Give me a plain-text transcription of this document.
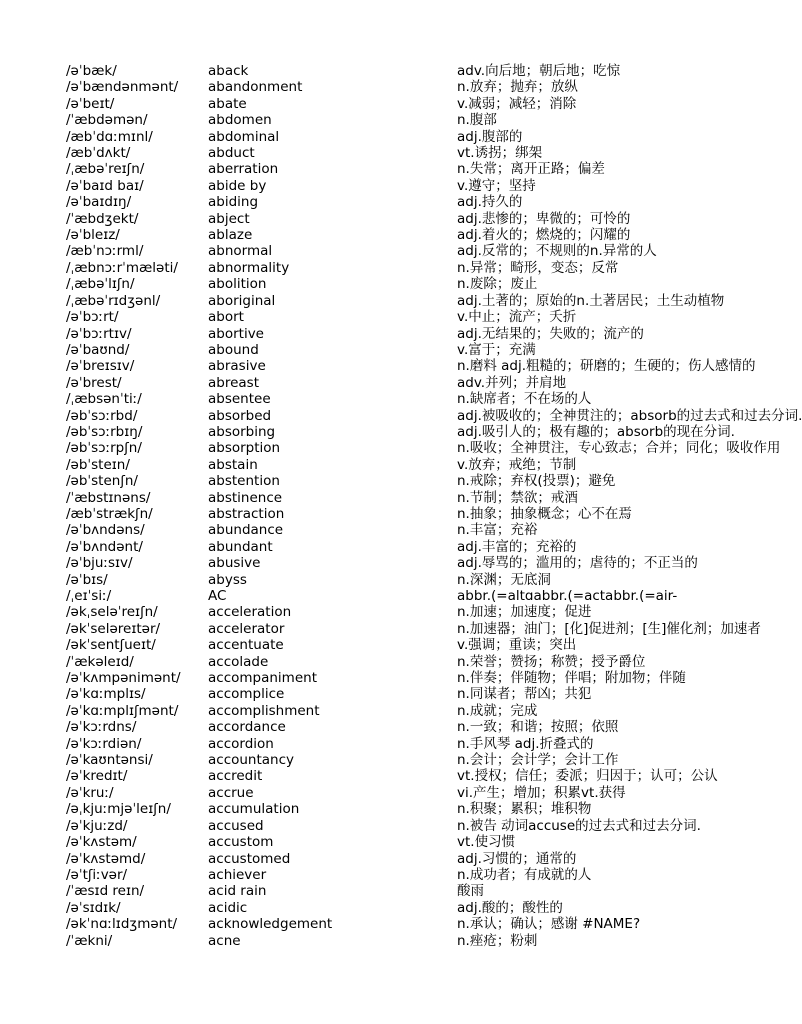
/əˈbæk/	aback	adv.向后地；朝后地；吃惊
/əˈbændənmənt/	abandonment	n.放弃；抛弃；放纵
/əˈbeɪt/	abate	v.减弱；减轻；消除
/ˈæbdəmən/	abdomen	n.腹部
/æbˈdɑːmɪnl/	abdominal	adj.腹部的
/æbˈdʌkt/	abduct	vt.诱拐；绑架
/ˌæbəˈreɪʃn/	aberration	n.失常；离开正路；偏差
/əˈbaɪd baɪ/	abide by	v.遵守；坚持
/əˈbaɪdɪŋ/	abiding	adj.持久的
/ˈæbdʒekt/	abject	adj.悲惨的；卑微的；可怜的
/əˈbleɪz/	ablaze	adj.着火的；燃烧的；闪耀的
/æbˈnɔːrml/	abnormal	adj.反常的；不规则的n.异常的人
/ˌæbnɔːrˈmæləti/	abnormality	n.异常；畸形，变态；反常
/ˌæbəˈlɪʃn/	abolition	n.废除；废止
/ˌæbəˈrɪdʒənl/	aboriginal	adj.土著的；原始的n.土著居民；土生动植物
/əˈbɔːrt/	abort	v.中止；流产；夭折
/əˈbɔːrtɪv/	abortive	adj.无结果的；失败的；流产的
/əˈbaʊnd/	abound	v.富于；充满
/əˈbreɪsɪv/	abrasive	n.磨料 adj.粗糙的；研磨的；生硬的；伤人感情的
/əˈbrest/	abreast	adv.并列；并肩地
/ˌæbsənˈtiː/	absentee	n.缺席者；不在场的人
/əbˈsɔːrbd/	absorbed	adj.被吸收的；全神贯注的；absorb的过去式和过去分词.
/əbˈsɔːrbɪŋ/	absorbing	adj.吸引人的；极有趣的；absorb的现在分词.
/əbˈsɔːrpʃn/	absorption	n.吸收；全神贯注，专心致志；合并；同化；吸收作用
/əbˈsteɪn/	abstain	v.放弃；戒绝；节制
/əbˈstenʃn/	abstention	n.戒除；弃权(投票)；避免
/ˈæbstɪnəns/	abstinence	n.节制；禁欲；戒酒
/æbˈstrækʃn/	abstraction	n.抽象；抽象概念；心不在焉
/əˈbʌndəns/	abundance	n.丰富；充裕
/əˈbʌndənt/	abundant	adj.丰富的；充裕的
/əˈbjuːsɪv/	abusive	adj.辱骂的；滥用的；虐待的；不正当的
/əˈbɪs/	abyss	n.深渊；无底洞
/ˌeɪˈsiː/	AC	abbr.(=altɑabbr.(=actabbr.(=air-
/əkˌseləˈreɪʃn/	acceleration	n.加速；加速度；促进
/əkˈseləreɪtər/	accelerator	n.加速器；油门；[化]促进剂；[生]催化剂；加速者
/əkˈsentʃueɪt/	accentuate	v.强调；重读；突出
/ˈækəleɪd/	accolade	n.荣誉；赞扬；称赞；授予爵位
/əˈkʌmpənimənt/	accompaniment	n.伴奏；伴随物；伴唱；附加物；伴随
/əˈkɑːmplɪs/	accomplice	n.同谋者；帮凶；共犯
/əˈkɑːmplɪʃmənt/	accomplishment	n.成就；完成
/əˈkɔːrdns/	accordance	n.一致；和谐；按照；依照
/əˈkɔːrdiən/	accordion	n.手风琴 adj.折叠式的
/əˈkaʊntənsi/	accountancy	n.会计；会计学；会计工作
/əˈkredɪt/	accredit	vt.授权；信任；委派；归因于；认可；公认
/əˈkruː/	accrue	vi.产生；增加；积累vt.获得
/əˌkjuːmjəˈleɪʃn/	accumulation	n.积聚；累积；堆积物
/əˈkjuːzd/	accused	n.被告 动词accuse的过去式和过去分词.
/əˈkʌstəm/	accustom	vt.使习惯
/əˈkʌstəmd/	accustomed	adj.习惯的；通常的
/əˈtʃiːvər/	achiever	n.成功者；有成就的人
/ˈæsɪd reɪn/	acid rain	酸雨
/əˈsɪdɪk/	acidic	adj.酸的；酸性的
/əkˈnɑːlɪdʒmənt/	acknowledgement	n.承认；确认；感谢 #NAME?
/ˈækni/	acne	n.痤疮；粉刺
